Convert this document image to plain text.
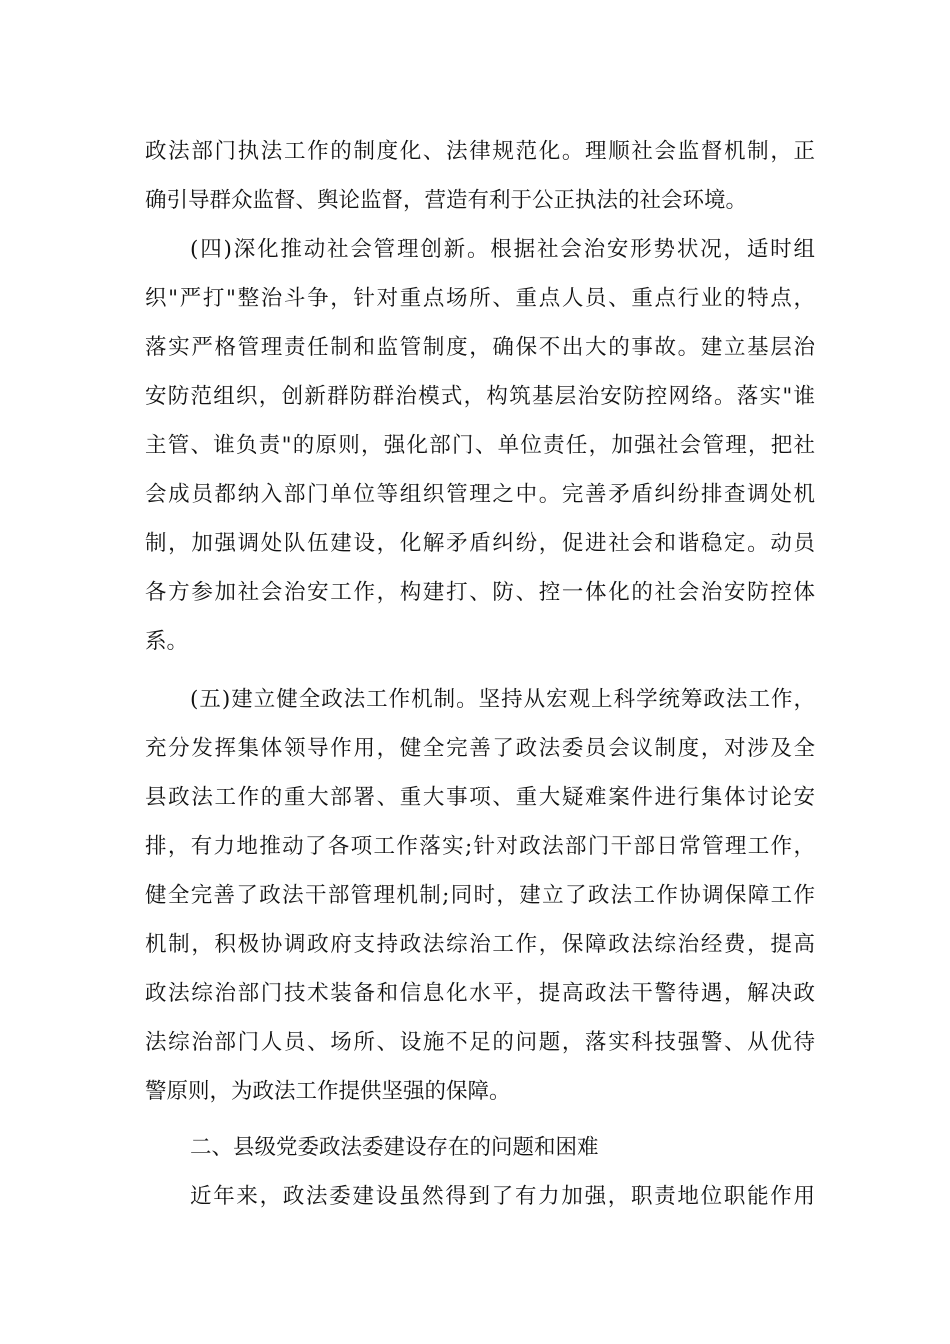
政法部门执法工作的制度化、法律规范化。理顺社会监督机制，正
确引导群众监督、舆论监督，营造有利于公正执法的社会环境。
(四)深化推动社会管理创新。根据社会治安形势状况，适时组
织"严打"整治斗争，针对重点场所、重点人员、重点行业的特点，
落实严格管理责任制和监管制度，确保不出大的事故。建立基层治
安防范组织，创新群防群治模式，构筑基层治安防控网络。落实"谁
主管、谁负责"的原则，强化部门、单位责任，加强社会管理，把社
会成员都纳入部门单位等组织管理之中。完善矛盾纠纷排查调处机
制，加强调处队伍建设，化解矛盾纠纷，促进社会和谐稳定。动员
各方参加社会治安工作，构建打、防、控一体化的社会治安防控体
系。
(五)建立健全政法工作机制。坚持从宏观上科学统筹政法工作，
充分发挥集体领导作用，健全完善了政法委员会议制度，对涉及全
县政法工作的重大部署、重大事项、重大疑难案件进行集体讨论安
排，有力地推动了各项工作落实;针对政法部门干部日常管理工作，
健全完善了政法干部管理机制;同时，建立了政法工作协调保障工作
机制，积极协调政府支持政法综治工作，保障政法综治经费，提高
政法综治部门技术装备和信息化水平，提高政法干警待遇，解决政
法综治部门人员、场所、设施不足的问题，落实科技强警、从优待
警原则，为政法工作提供坚强的保障。
二、县级党委政法委建设存在的问题和困难
近年来，政法委建设虽然得到了有力加强，职责地位职能作用
